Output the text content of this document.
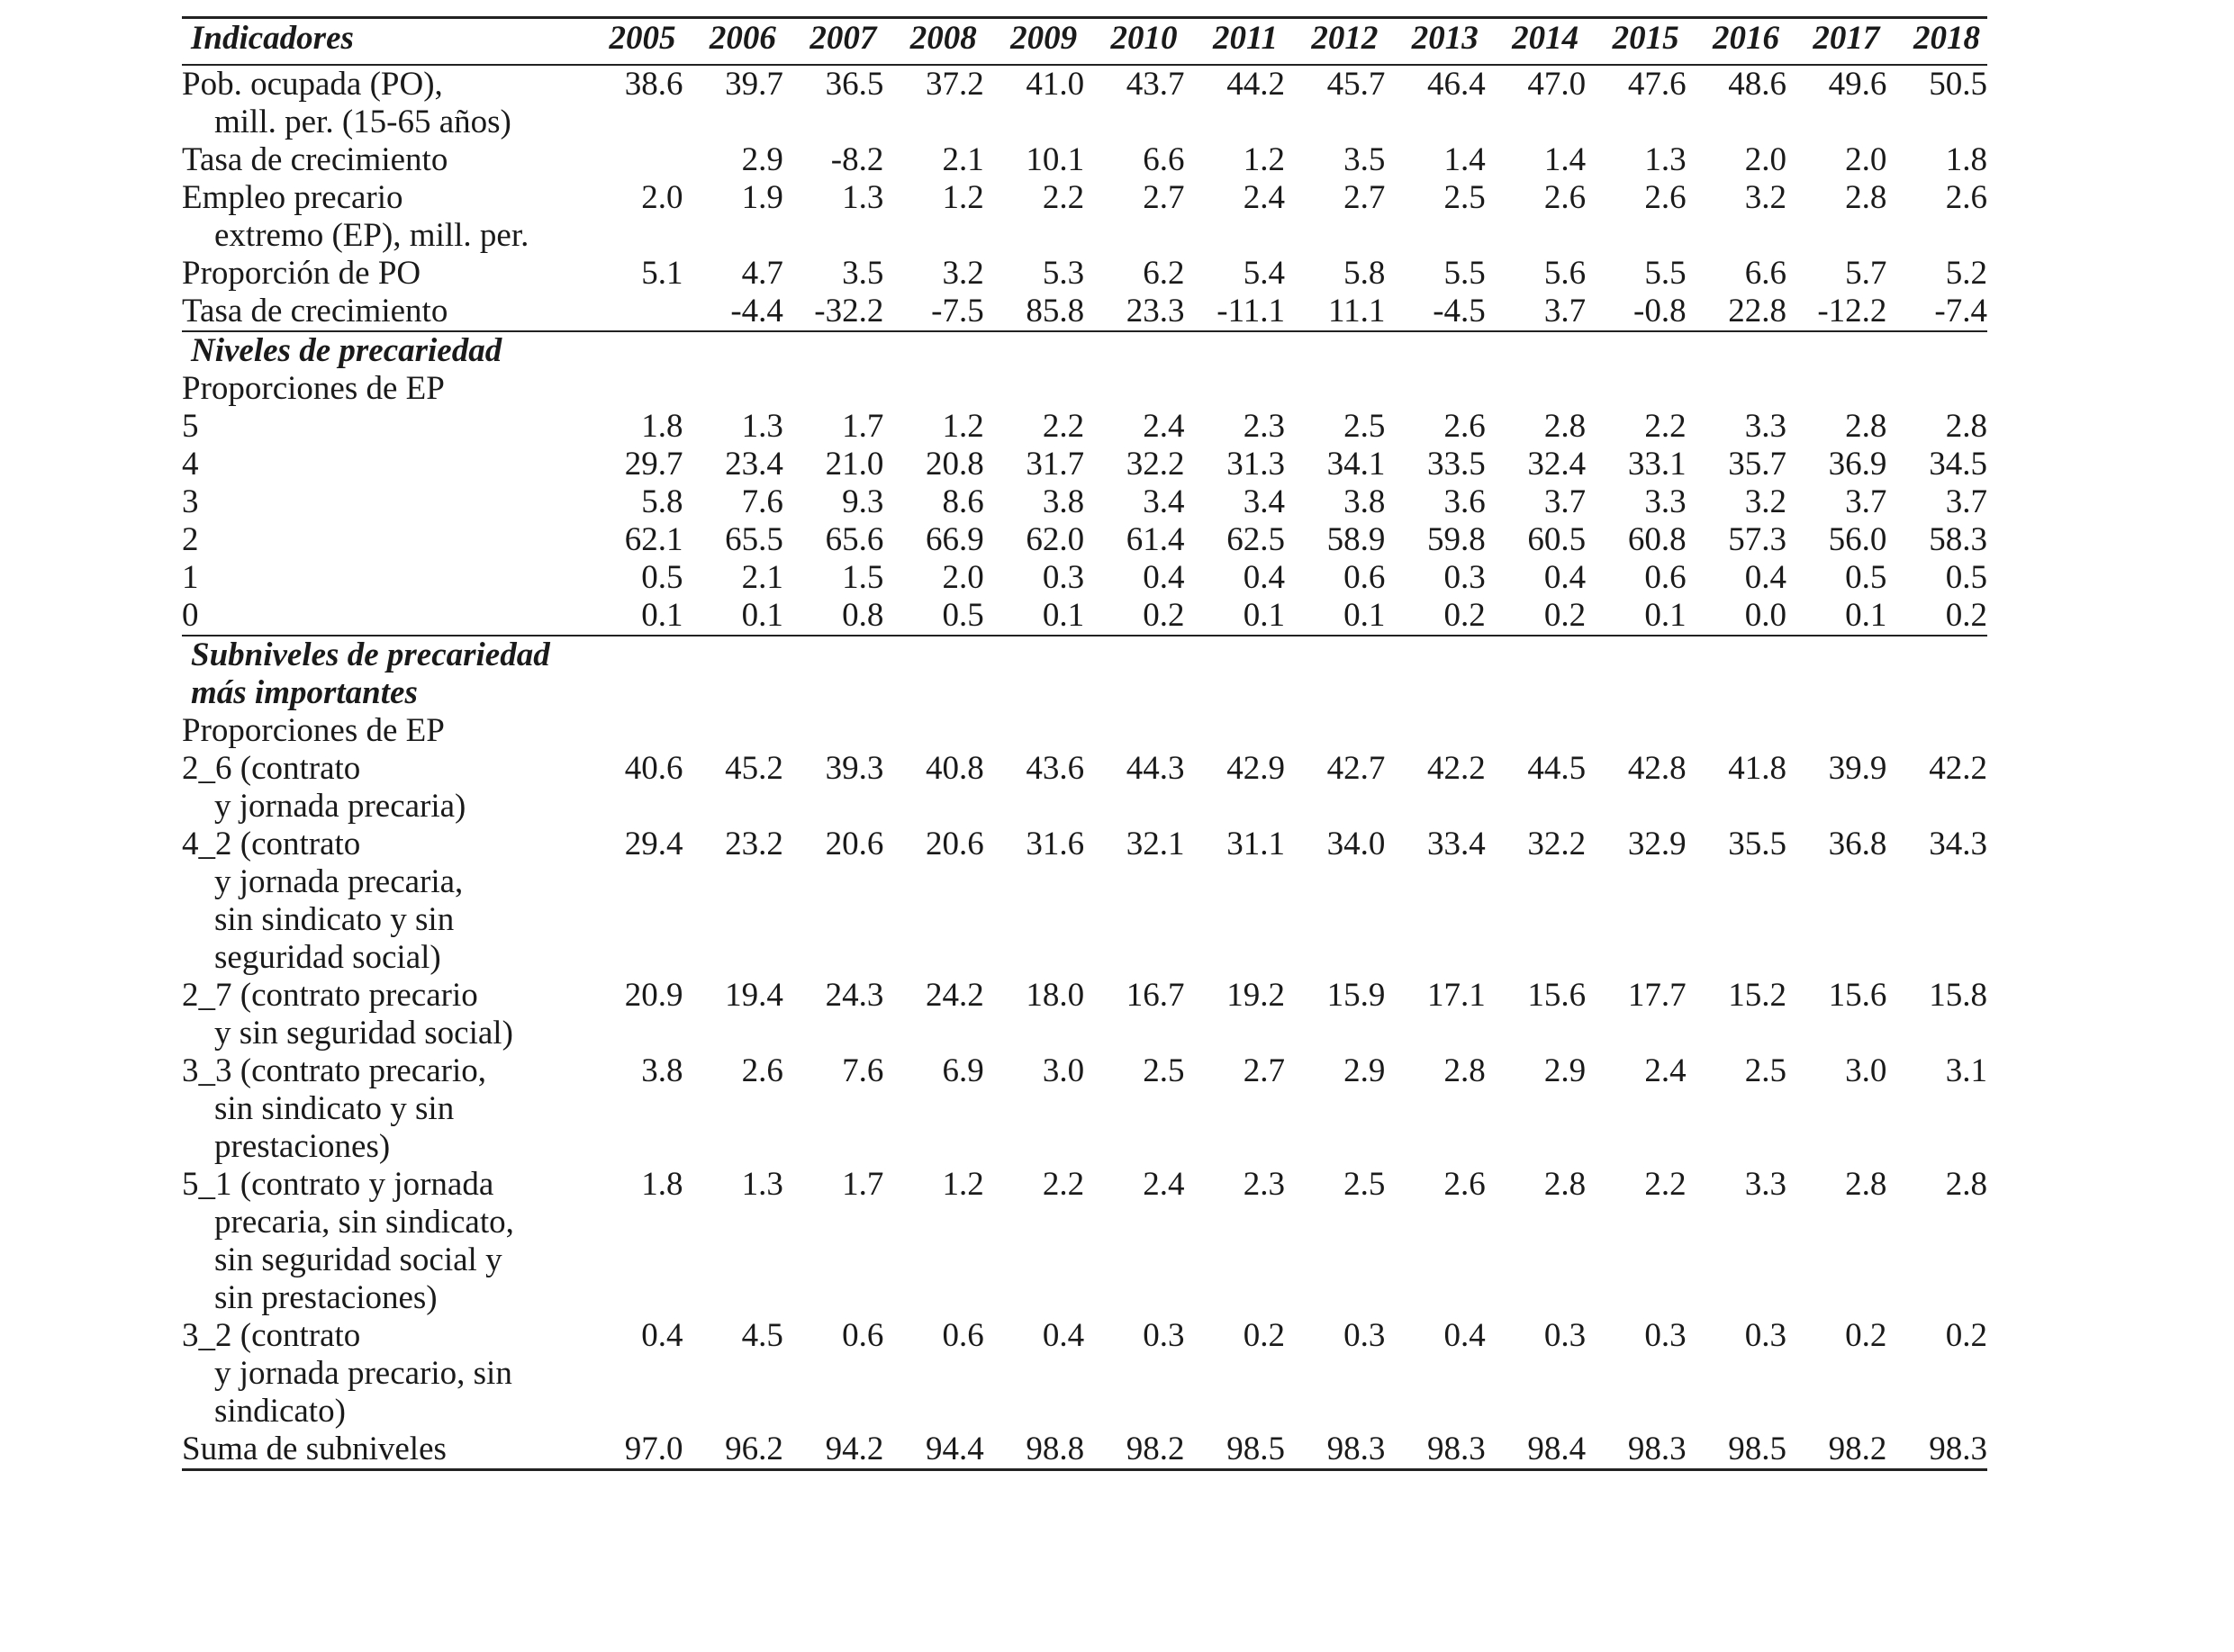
Indicadores	2005	2006	2007	2008	2009	2010	2011	2012	2013	2014	2015	2016	2017	2018

Pob. ocupada (PO),
mill. per. (15-65 años)	38.6	39.7	36.5	37.2	41.0	43.7	44.2	45.7	46.4	47.0	47.6	48.6	49.6	50.5

Tasa de crecimiento		2.9	-8.2	2.1	10.1	6.6	1.2	3.5	1.4	1.4	1.3	2.0	2.0	1.8

Empleo precario
extremo (EP), mill. per.	2.0	1.9	1.3	1.2	2.2	2.7	2.4	2.7	2.5	2.6	2.6	3.2	2.8	2.6

Proporción de PO	5.1	4.7	3.5	3.2	5.3	6.2	5.4	5.8	5.5	5.6	5.5	6.6	5.7	5.2

Tasa de crecimiento		-4.4	-32.2	-7.5	85.8	23.3	-11.1	11.1	-4.5	3.7	-0.8	22.8	-12.2	-7.4

Niveles de precariedad														

Proporciones de EP														

5	1.8	1.3	1.7	1.2	2.2	2.4	2.3	2.5	2.6	2.8	2.2	3.3	2.8	2.8

4	29.7	23.4	21.0	20.8	31.7	32.2	31.3	34.1	33.5	32.4	33.1	35.7	36.9	34.5

3	5.8	7.6	9.3	8.6	3.8	3.4	3.4	3.8	3.6	3.7	3.3	3.2	3.7	3.7

2	62.1	65.5	65.6	66.9	62.0	61.4	62.5	58.9	59.8	60.5	60.8	57.3	56.0	58.3

1	0.5	2.1	1.5	2.0	0.3	0.4	0.4	0.6	0.3	0.4	0.6	0.4	0.5	0.5

0	0.1	0.1	0.8	0.5	0.1	0.2	0.1	0.1	0.2	0.2	0.1	0.0	0.1	0.2

Subniveles de precariedad
más importantes														

Proporciones de EP														

2_6 (contrato
y jornada precaria)	40.6	45.2	39.3	40.8	43.6	44.3	42.9	42.7	42.2	44.5	42.8	41.8	39.9	42.2

4_2 (contrato
y jornada precaria,
sin sindicato y sin
seguridad social)	29.4	23.2	20.6	20.6	31.6	32.1	31.1	34.0	33.4	32.2	32.9	35.5	36.8	34.3

2_7 (contrato precario
y sin seguridad social)	20.9	19.4	24.3	24.2	18.0	16.7	19.2	15.9	17.1	15.6	17.7	15.2	15.6	15.8

3_3 (contrato precario,
sin sindicato y sin
prestaciones)	3.8	2.6	7.6	6.9	3.0	2.5	2.7	2.9	2.8	2.9	2.4	2.5	3.0	3.1

5_1 (contrato y jornada
precaria, sin sindicato,
sin seguridad social y
sin prestaciones)	1.8	1.3	1.7	1.2	2.2	2.4	2.3	2.5	2.6	2.8	2.2	3.3	2.8	2.8

3_2 (contrato
y jornada precario, sin
sindicato)	0.4	4.5	0.6	0.6	0.4	0.3	0.2	0.3	0.4	0.3	0.3	0.3	0.2	0.2

Suma de subniveles	97.0	96.2	94.2	94.4	98.8	98.2	98.5	98.3	98.3	98.4	98.3	98.5	98.2	98.3
